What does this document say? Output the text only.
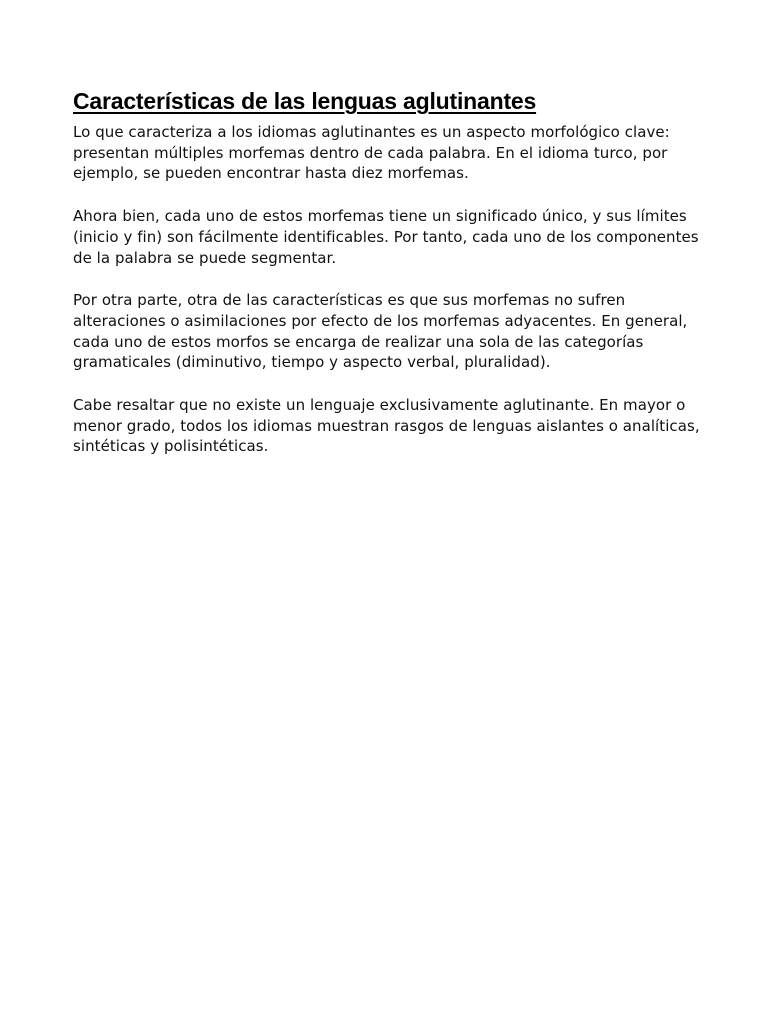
Características de las lenguas aglutinantes

Lo que caracteriza a los idiomas aglutinantes es un aspecto morfológico clave: presentan múltiples morfemas dentro de cada palabra. En el idioma turco, por ejemplo, se pueden encontrar hasta diez morfemas.

Ahora bien, cada uno de estos morfemas tiene un significado único, y sus límites (inicio y fin) son fácilmente identificables. Por tanto, cada uno de los componentes de la palabra se puede segmentar.

Por otra parte, otra de las características es que sus morfemas no sufren alteraciones o asimilaciones por efecto de los morfemas adyacentes. En general, cada uno de estos morfos se encarga de realizar una sola de las categorías gramaticales (diminutivo, tiempo y aspecto verbal, pluralidad).

Cabe resaltar que no existe un lenguaje exclusivamente aglutinante. En mayor o menor grado, todos los idiomas muestran rasgos de lenguas aislantes o analíticas, sintéticas y polisintéticas.
